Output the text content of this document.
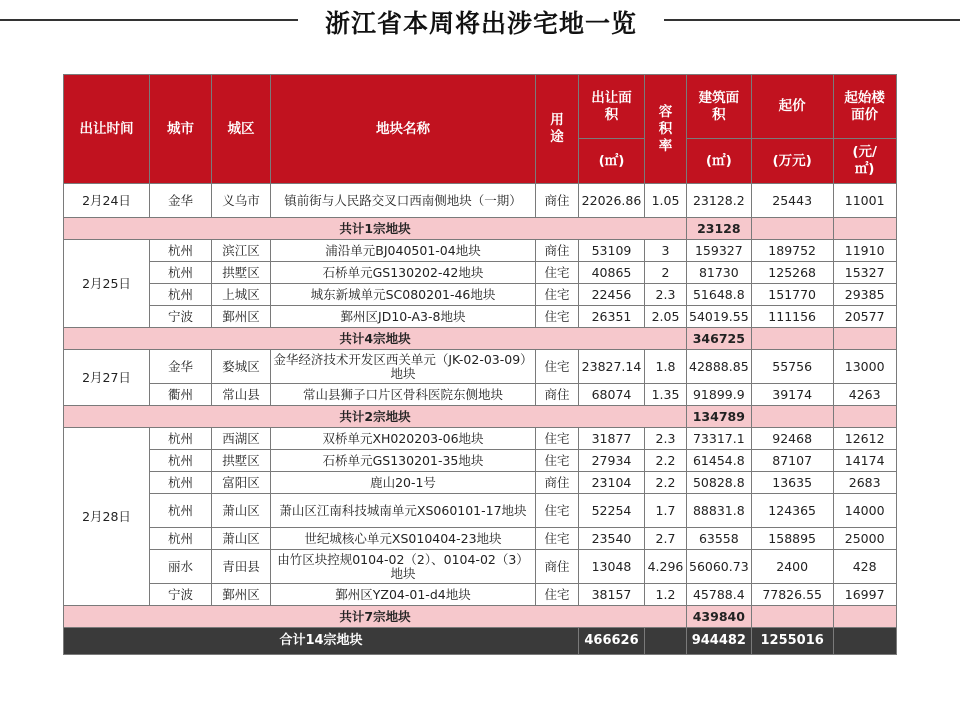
浙江省本周将出涉宅地一览
出让时间	城市	城区	地块名称	用途	出让面积	容积率	建筑面积	起价	起始楼面价
					(㎡)		(㎡)	(万元)	(元/㎡)
2月24日	金华	义乌市	镇前街与人民路交叉口西南侧地块（一期）	商住	22026.86	1.05	23128.2	25443	11001
共计1宗地块							23128		
2月25日	杭州	滨江区	浦沿单元BJ040501-04地块	商住	53109	3	159327	189752	11910
	杭州	拱墅区	石桥单元GS130202-42地块	住宅	40865	2	81730	125268	15327
	杭州	上城区	城东新城单元SC080201-46地块	住宅	22456	2.3	51648.8	151770	29385
	宁波	鄞州区	鄞州区JD10-A3-8地块	住宅	26351	2.05	54019.55	111156	20577
共计4宗地块							346725		
2月27日	金华	婺城区	金华经济技术开发区西关单元（JK-02-03-09）地块	住宅	23827.14	1.8	42888.85	55756	13000
	衢州	常山县	常山县狮子口片区骨科医院东侧地块	商住	68074	1.35	91899.9	39174	4263
共计2宗地块							134789		
2月28日	杭州	西湖区	双桥单元XH020203-06地块	住宅	31877	2.3	73317.1	92468	12612
	杭州	拱墅区	石桥单元GS130201-35地块	住宅	27934	2.2	61454.8	87107	14174
	杭州	富阳区	鹿山20-1号	商住	23104	2.2	50828.8	13635	2683
	杭州	萧山区	萧山区江南科技城南单元XS060101-17地块	住宅	52254	1.7	88831.8	124365	14000
	杭州	萧山区	世纪城核心单元XS010404-23地块	住宅	23540	2.7	63558	158895	25000
	丽水	青田县	由竹区块控规0104-02（2）、0104-02（3）地块	商住	13048	4.296	56060.73	2400	428
	宁波	鄞州区	鄞州区YZ04-01-d4地块	住宅	38157	1.2	45788.4	77826.55	16997
共计7宗地块							439840		
合计14宗地块					466626		944482	1255016	
